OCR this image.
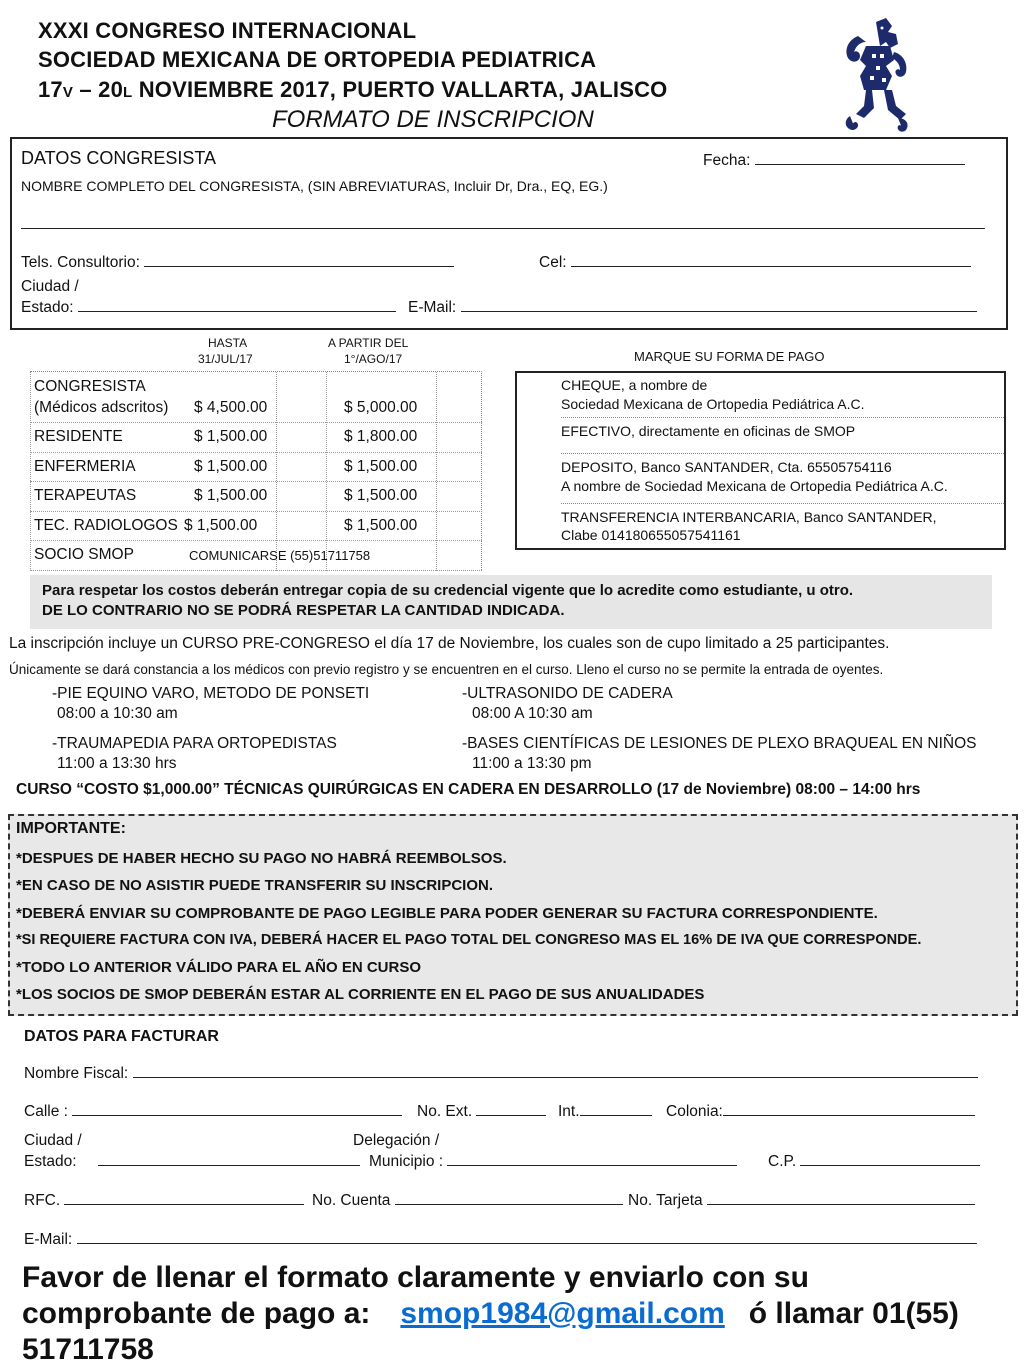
XXXI CONGRESO INTERNACIONAL
SOCIEDAD MEXICANA DE ORTOPEDIA PEDIATRICA
17V – 20L NOVIEMBRE 2017, PUERTO VALLARTA, JALISCO
FORMATO DE INSCRIPCION
DATOS CONGRESISTA	Fecha:
NOMBRE COMPLETO DEL CONGRESISTA, (SIN ABREVIATURAS, Incluir Dr, Dra., EQ, EG.)
Tels. Consultorio:	Cel:
Ciudad /
Estado:	E-Mail:
HASTA
31/JUL/17
A PARTIR DEL
1°/AGO/17
CONGRESISTA
(Médicos adscritos) $ 4,500.00	$ 5,000.00
RESIDENTE	$ 1,500.00	$ 1,800.00
ENFERMERIA	$ 1,500.00	$ 1,500.00
TERAPEUTAS	$ 1,500.00	$ 1,500.00
TEC. RADIOLOGOS $ 1,500.00	$ 1,500.00
SOCIO SMOP	COMUNICARSE (55)51711758
MARQUE SU FORMA DE PAGO
CHEQUE, a nombre de
Sociedad Mexicana de Ortopedia Pediátrica A.C.
EFECTIVO, directamente en oficinas de SMOP
DEPOSITO, Banco SANTANDER, Cta. 65505754116
A nombre de Sociedad Mexicana de Ortopedia Pediátrica A.C.
TRANSFERENCIA INTERBANCARIA, Banco SANTANDER,
Clabe 014180655057541161
Para respetar los costos deberán entregar copia de su credencial vigente que lo acredite como estudiante, u otro.
DE LO CONTRARIO NO SE PODRÁ RESPETAR LA CANTIDAD INDICADA.
La inscripción incluye un CURSO PRE-CONGRESO el día 17 de Noviembre, los cuales son de cupo limitado a 25 participantes.
Únicamente se dará constancia a los médicos con previo registro y se encuentren en el curso. Lleno el curso no se permite la entrada de oyentes.
-PIE EQUINO VARO, METODO DE PONSETI
08:00 a 10:30 am
-ULTRASONIDO DE CADERA
08:00 A 10:30 am
-TRAUMAPEDIA PARA ORTOPEDISTAS
11:00 a 13:30 hrs
-BASES CIENTÍFICAS DE LESIONES DE PLEXO BRAQUEAL EN NIÑOS
11:00 a 13:30 pm
CURSO “COSTO $1,000.00” TÉCNICAS QUIRÚRGICAS EN CADERA EN DESARROLLO (17 de Noviembre) 08:00 – 14:00 hrs
IMPORTANTE:
*DESPUES DE HABER HECHO SU PAGO NO HABRÁ REEMBOLSOS.
*EN CASO DE NO ASISTIR PUEDE TRANSFERIR SU INSCRIPCION.
*DEBERÁ ENVIAR SU COMPROBANTE DE PAGO LEGIBLE PARA PODER GENERAR SU FACTURA CORRESPONDIENTE.
*SI REQUIERE FACTURA CON IVA, DEBERÁ HACER EL PAGO TOTAL DEL CONGRESO MAS EL 16% DE IVA QUE CORRESPONDE.
*TODO LO ANTERIOR VÁLIDO PARA EL AÑO EN CURSO
*LOS SOCIOS DE SMOP DEBERÁN ESTAR AL CORRIENTE EN EL PAGO DE SUS ANUALIDADES
DATOS PARA FACTURAR
Nombre Fiscal:
Calle :	No. Ext.	Int.	Colonia:
Ciudad /
Estado:
Delegación /
Municipio :	C.P.
RFC.	No. Cuenta	No. Tarjeta
E-Mail:
Favor de llenar el formato claramente y enviarlo con su
comprobante de pago a: smop1984@gmail.com ó llamar 01(55)
51711758
